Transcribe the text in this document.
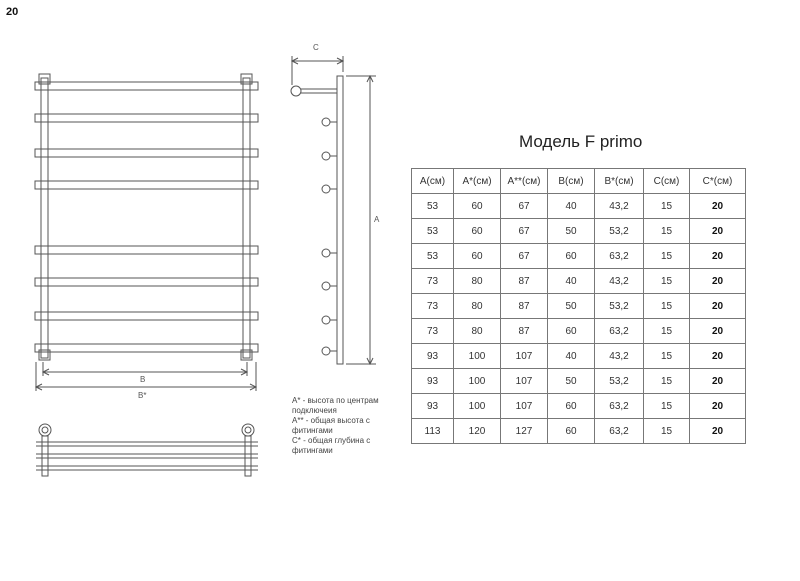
20
C
A
B
B*
Модель F primo
A* - высота по центрам подключеия
A** - общая высота с фитингами
C* - общая глубина с фитингами
A(см)	A*(см)	A**(см)	B(см)	B*(см)	C(см)	C*(см)
53	60	67	40	43,2	15	20
53	60	67	50	53,2	15	20
53	60	67	60	63,2	15	20
73	80	87	40	43,2	15	20
73	80	87	50	53,2	15	20
73	80	87	60	63,2	15	20
93	100	107	40	43,2	15	20
93	100	107	50	53,2	15	20
93	100	107	60	63,2	15	20
113	120	127	60	63,2	15	20
